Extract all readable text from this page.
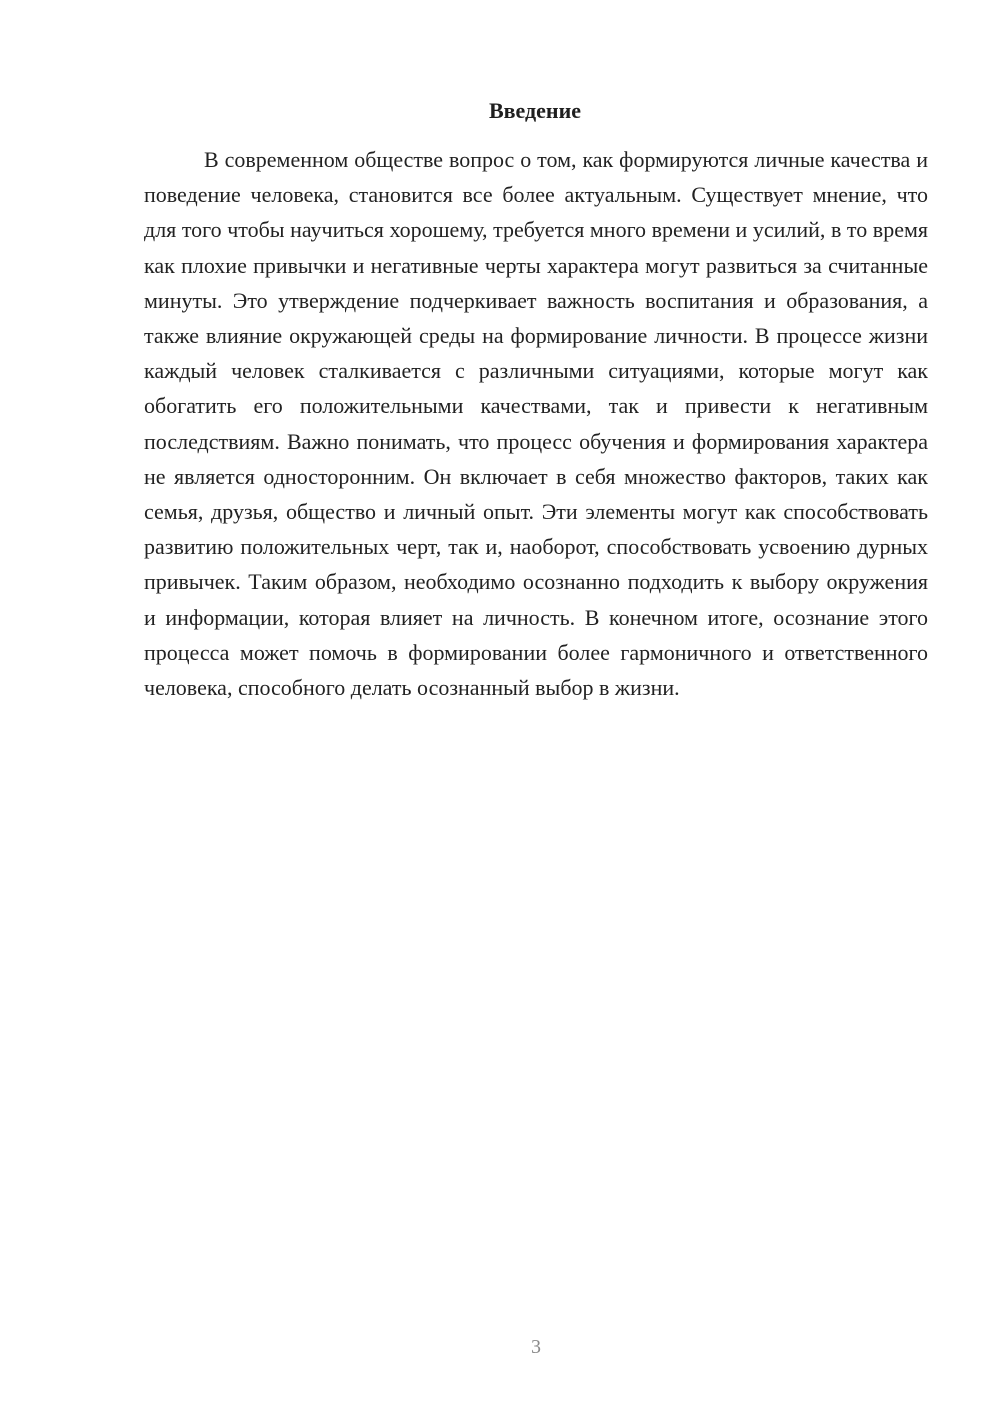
Введение

В современном обществе вопрос о том, как формируются личные качества и поведение человека, становится все более актуальным. Существует мнение, что для того чтобы научиться хорошему, требуется много времени и усилий, в то время как плохие привычки и негативные черты характера могут развиться за считанные минуты. Это утверждение подчеркивает важность воспитания и образования, а также влияние окружающей среды на формирование личности. В процессе жизни каждый человек сталкивается с различными ситуациями, которые могут как обогатить его положительными качествами, так и привести к негативным последствиям. Важно понимать, что процесс обучения и формирования характера не является односторонним. Он включает в себя множество факторов, таких как семья, друзья, общество и личный опыт. Эти элементы могут как способствовать развитию положительных черт, так и, наоборот, способствовать усвоению дурных привычек. Таким образом, необходимо осознанно подходить к выбору окружения и информации, которая влияет на личность. В конечном итоге, осознание этого процесса может помочь в формировании более гармоничного и ответственного человека, способного делать осознанный выбор в жизни.

3
